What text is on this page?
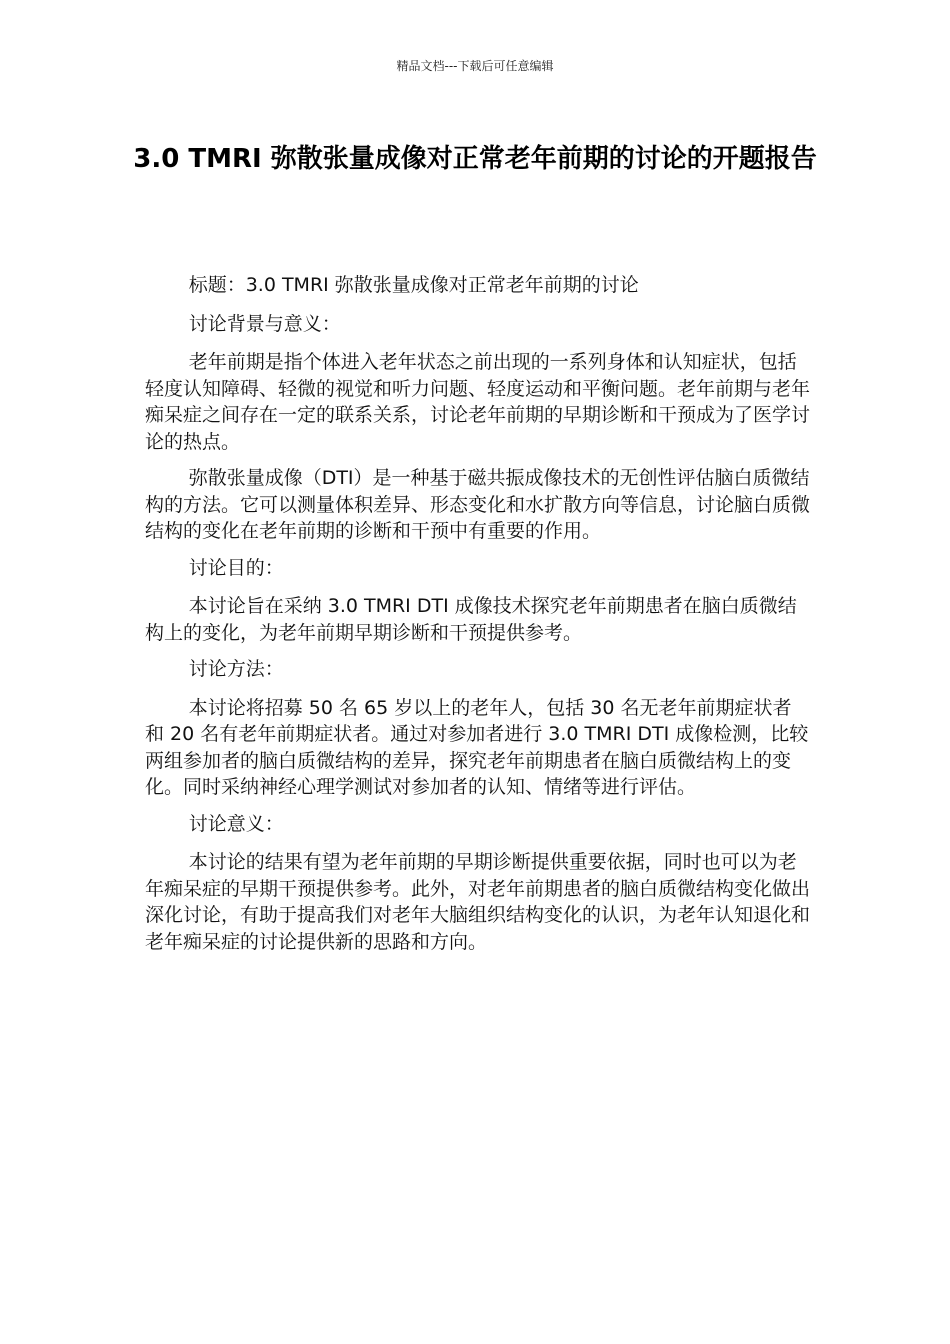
精品文档---下载后可任意编辑
3.0 TMRI 弥散张量成像对正常老年前期的讨论的开题报告

标题：3.0 TMRI 弥散张量成像对正常老年前期的讨论

讨论背景与意义：

老年前期是指个体进入老年状态之前出现的一系列身体和认知症状，包括轻度认知障碍、轻微的视觉和听力问题、轻度运动和平衡问题。老年前期与老年痴呆症之间存在一定的联系关系，讨论老年前期的早期诊断和干预成为了医学讨论的热点。

弥散张量成像（DTI）是一种基于磁共振成像技术的无创性评估脑白质微结构的方法。它可以测量体积差异、形态变化和水扩散方向等信息，讨论脑白质微结构的变化在老年前期的诊断和干预中有重要的作用。

讨论目的：

本讨论旨在采纳 3.0 TMRI DTI 成像技术探究老年前期患者在脑白质微结构上的变化，为老年前期早期诊断和干预提供参考。

讨论方法：

本讨论将招募 50 名 65 岁以上的老年人，包括 30 名无老年前期症状者和 20 名有老年前期症状者。通过对参加者进行 3.0 TMRI DTI 成像检测，比较两组参加者的脑白质微结构的差异，探究老年前期患者在脑白质微结构上的变化。同时采纳神经心理学测试对参加者的认知、情绪等进行评估。

讨论意义：

本讨论的结果有望为老年前期的早期诊断提供重要依据，同时也可以为老年痴呆症的早期干预提供参考。此外，对老年前期患者的脑白质微结构变化做出深化讨论，有助于提高我们对老年大脑组织结构变化的认识，为老年认知退化和老年痴呆症的讨论提供新的思路和方向。
